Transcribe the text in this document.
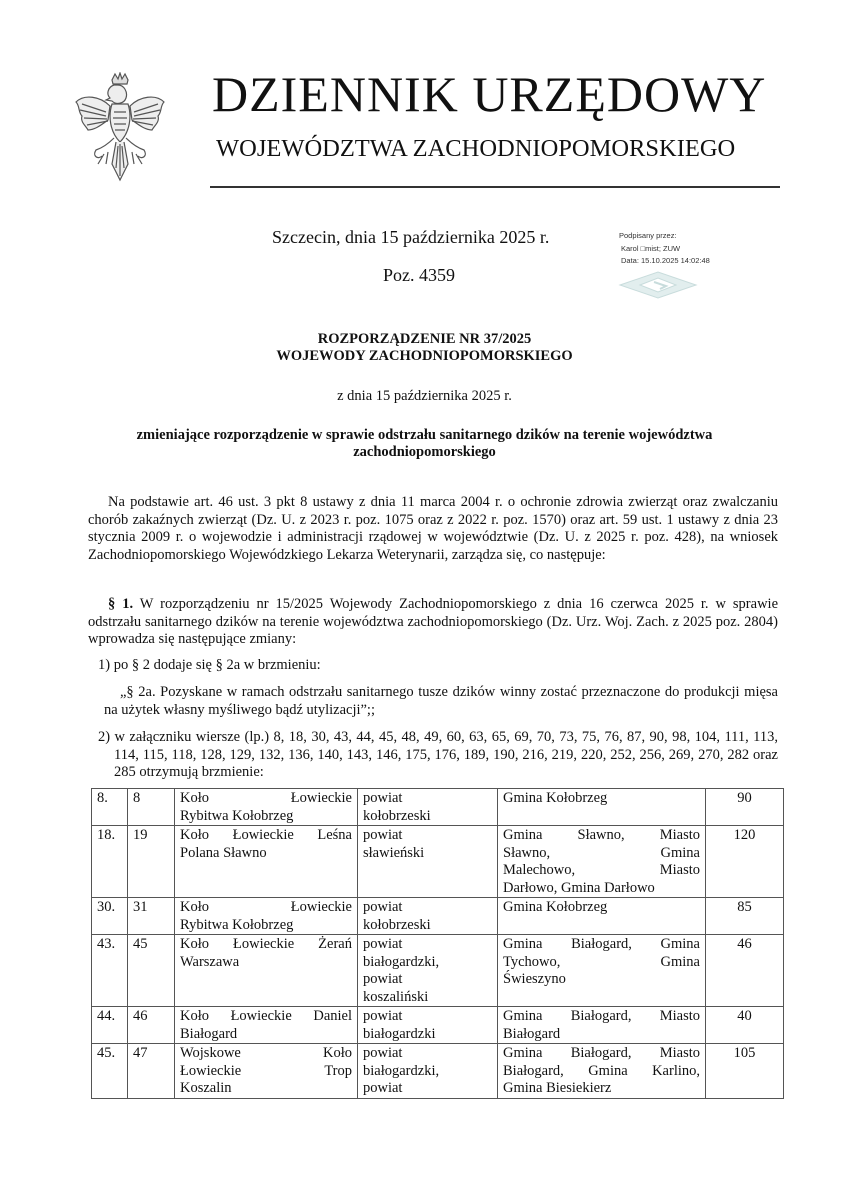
DZIENNIK URZĘDOWY
WOJEWÓDZTWA ZACHODNIOPOMORSKIEGO
Szczecin, dnia 15 października 2025 r.
Poz. 4359
Podpisany przez:
Karol □mist; ZUW
Data: 15.10.2025 14:02:48
ROZPORZĄDZENIE NR 37/2025
WOJEWODY ZACHODNIOPOMORSKIEGO
z dnia 15 października 2025 r.
zmieniające rozporządzenie w sprawie odstrzału sanitarnego dzików na terenie województwa
zachodniopomorskiego
Na podstawie art. 46 ust. 3 pkt 8 ustawy z dnia 11 marca 2004 r. o ochronie zdrowia zwierząt oraz zwalczaniu chorób zakaźnych zwierząt (Dz. U. z 2023 r. poz. 1075 oraz z 2022 r. poz. 1570) oraz art. 59 ust. 1 ustawy z dnia 23 stycznia 2009 r. o wojewodzie i administracji rządowej w województwie (Dz. U. z 2025 r. poz. 428), na wniosek Zachodniopomorskiego Wojewódzkiego Lekarza Weterynarii, zarządza się, co następuje:
§ 1. W rozporządzeniu nr 15/2025 Wojewody Zachodniopomorskiego z dnia 16 czerwca 2025 r. w sprawie odstrzału sanitarnego dzików na terenie województwa zachodniopomorskiego (Dz. Urz. Woj. Zach. z 2025 poz. 2804) wprowadza się następujące zmiany:
1) po § 2 dodaje się § 2a w brzmieniu:
„§ 2a. Pozyskane w ramach odstrzału sanitarnego tusze dzików winny zostać przeznaczone do produkcji mięsa na użytek własny myśliwego bądź utylizacji”;;
2) w załączniku wiersze (lp.) 8, 18, 30, 43, 44, 45, 48, 49, 60, 63, 65, 69, 70, 73, 75, 76, 87, 90, 98, 104, 111, 113, 114, 115, 118, 128, 129, 132, 136, 140, 143, 146, 175, 176, 189, 190, 216, 219, 220, 252, 256, 269, 270, 282 oraz 285 otrzymują brzmienie:
8.	8	Koło Łowieckie
Rybitwa Kołobrzeg	powiat
kołobrzeski	Gmina Kołobrzeg	90
18.	19	Koło Łowieckie Leśna
Polana Sławno	powiat
sławieński	Gmina Sławno, Miasto
Sławno, Gmina
Malechowo, Miasto
Darłowo, Gmina Darłowo	120
30.	31	Koło Łowieckie
Rybitwa Kołobrzeg	powiat
kołobrzeski	Gmina Kołobrzeg	85
43.	45	Koło Łowieckie Żerań
Warszawa	powiat
białogardzki,
powiat
koszaliński	Gmina Białogard, Gmina
Tychowo, Gmina
Świeszyno	46
44.	46	Koło Łowieckie Daniel
Białogard	powiat
białogardzki	Gmina Białogard, Miasto
Białogard	40
45.	47	Wojskowe Koło
Łowieckie Trop
Koszalin	powiat
białogardzki,
powiat	Gmina Białogard, Miasto
Białogard, Gmina Karlino,
Gmina Biesiekierz	105
